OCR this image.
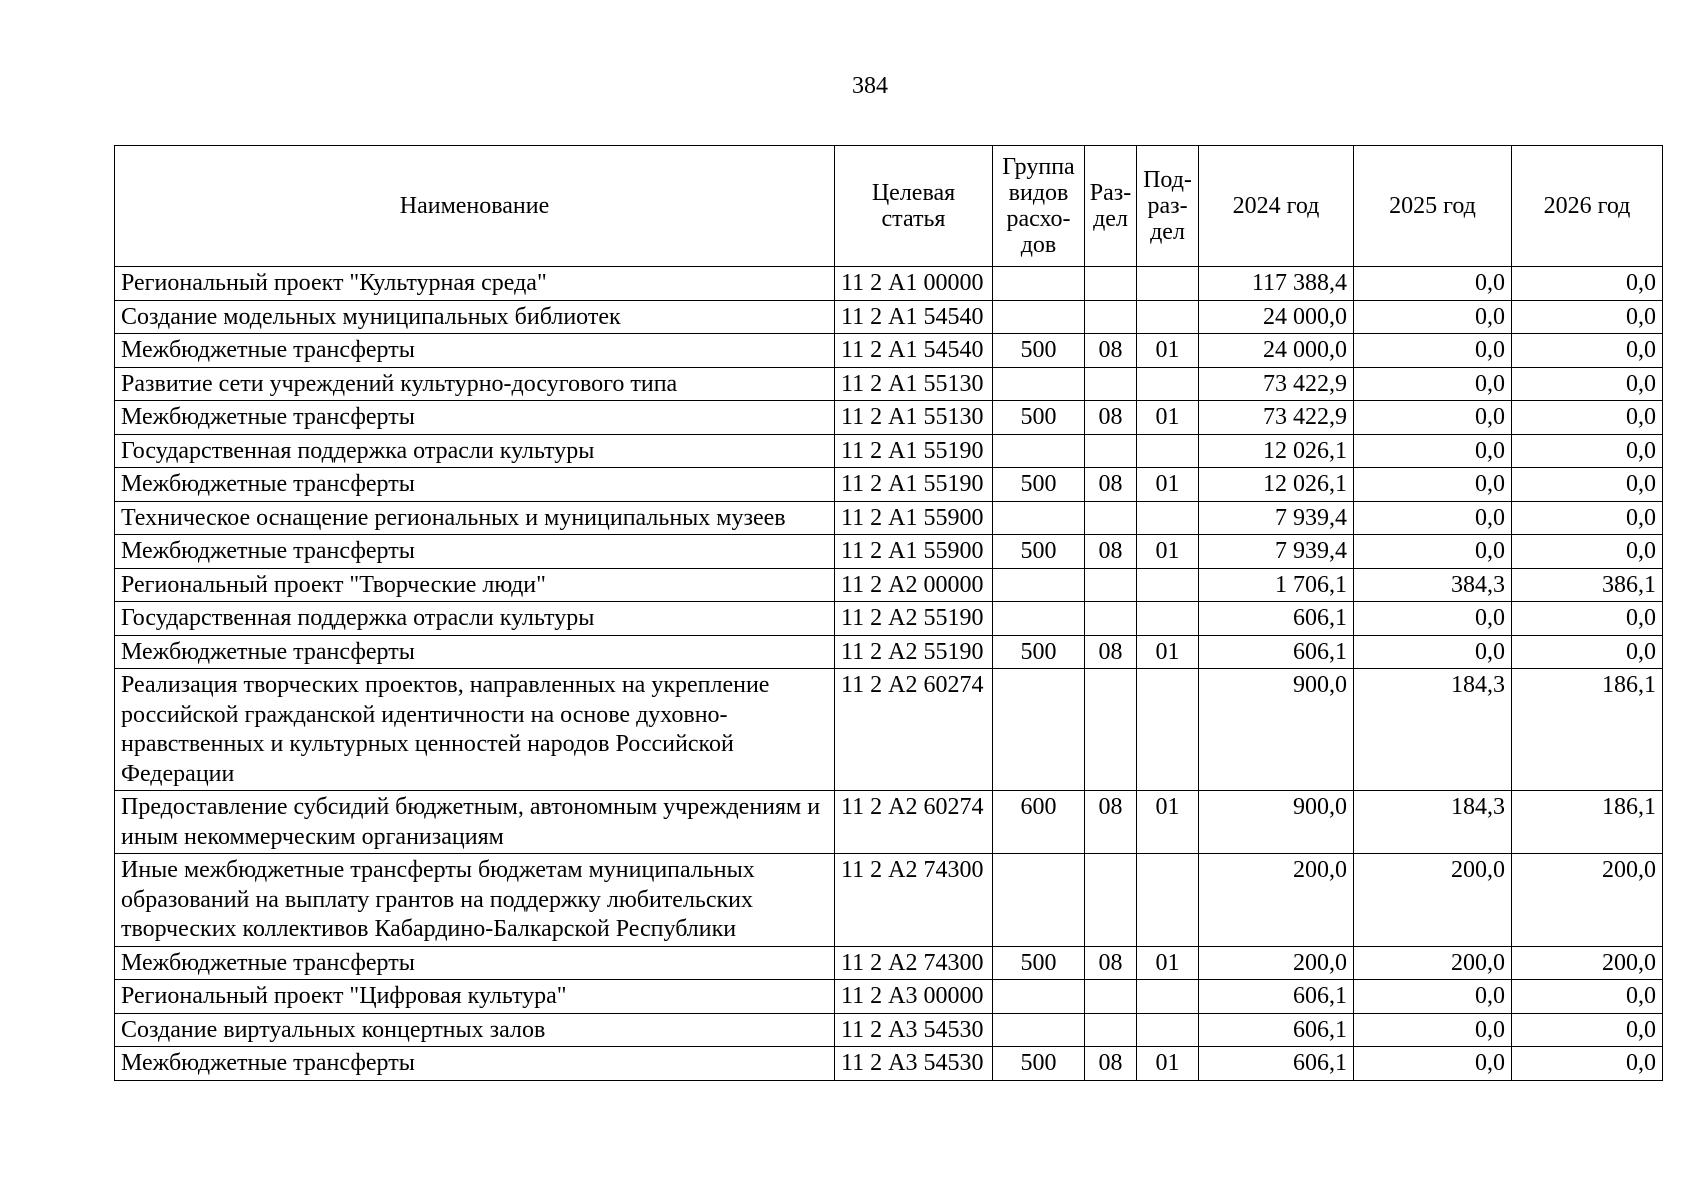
384
Наименование	Целевая статья	Группа видов расхо-дов	Раз-дел	Под-раз-дел	2024 год	2025 год	2026 год
Региональный проект "Культурная среда"	11 2 А1 00000				117 388,4	0,0	0,0
Создание модельных муниципальных библиотек	11 2 А1 54540				24 000,0	0,0	0,0
Межбюджетные трансферты	11 2 А1 54540	500	08	01	24 000,0	0,0	0,0
Развитие сети учреждений культурно-досугового типа	11 2 А1 55130				73 422,9	0,0	0,0
Межбюджетные трансферты	11 2 А1 55130	500	08	01	73 422,9	0,0	0,0
Государственная поддержка отрасли культуры	11 2 А1 55190				12 026,1	0,0	0,0
Межбюджетные трансферты	11 2 А1 55190	500	08	01	12 026,1	0,0	0,0
Техническое оснащение региональных и муниципальных музеев	11 2 А1 55900				7 939,4	0,0	0,0
Межбюджетные трансферты	11 2 А1 55900	500	08	01	7 939,4	0,0	0,0
Региональный проект "Творческие люди"	11 2 А2 00000				1 706,1	384,3	386,1
Государственная поддержка отрасли культуры	11 2 А2 55190				606,1	0,0	0,0
Межбюджетные трансферты	11 2 А2 55190	500	08	01	606,1	0,0	0,0
Реализация творческих проектов, направленных на укрепление российской гражданской идентичности на основе духовно-нравственных и культурных ценностей народов Российской Федерации	11 2 А2 60274				900,0	184,3	186,1
Предоставление субсидий бюджетным, автономным учреждениям и иным некоммерческим организациям	11 2 А2 60274	600	08	01	900,0	184,3	186,1
Иные межбюджетные трансферты бюджетам муниципальных образований на выплату грантов на поддержку любительских творческих коллективов Кабардино-Балкарской Республики	11 2 А2 74300				200,0	200,0	200,0
Межбюджетные трансферты	11 2 А2 74300	500	08	01	200,0	200,0	200,0
Региональный проект "Цифровая культура"	11 2 А3 00000				606,1	0,0	0,0
Создание виртуальных концертных залов	11 2 А3 54530				606,1	0,0	0,0
Межбюджетные трансферты	11 2 А3 54530	500	08	01	606,1	0,0	0,0
